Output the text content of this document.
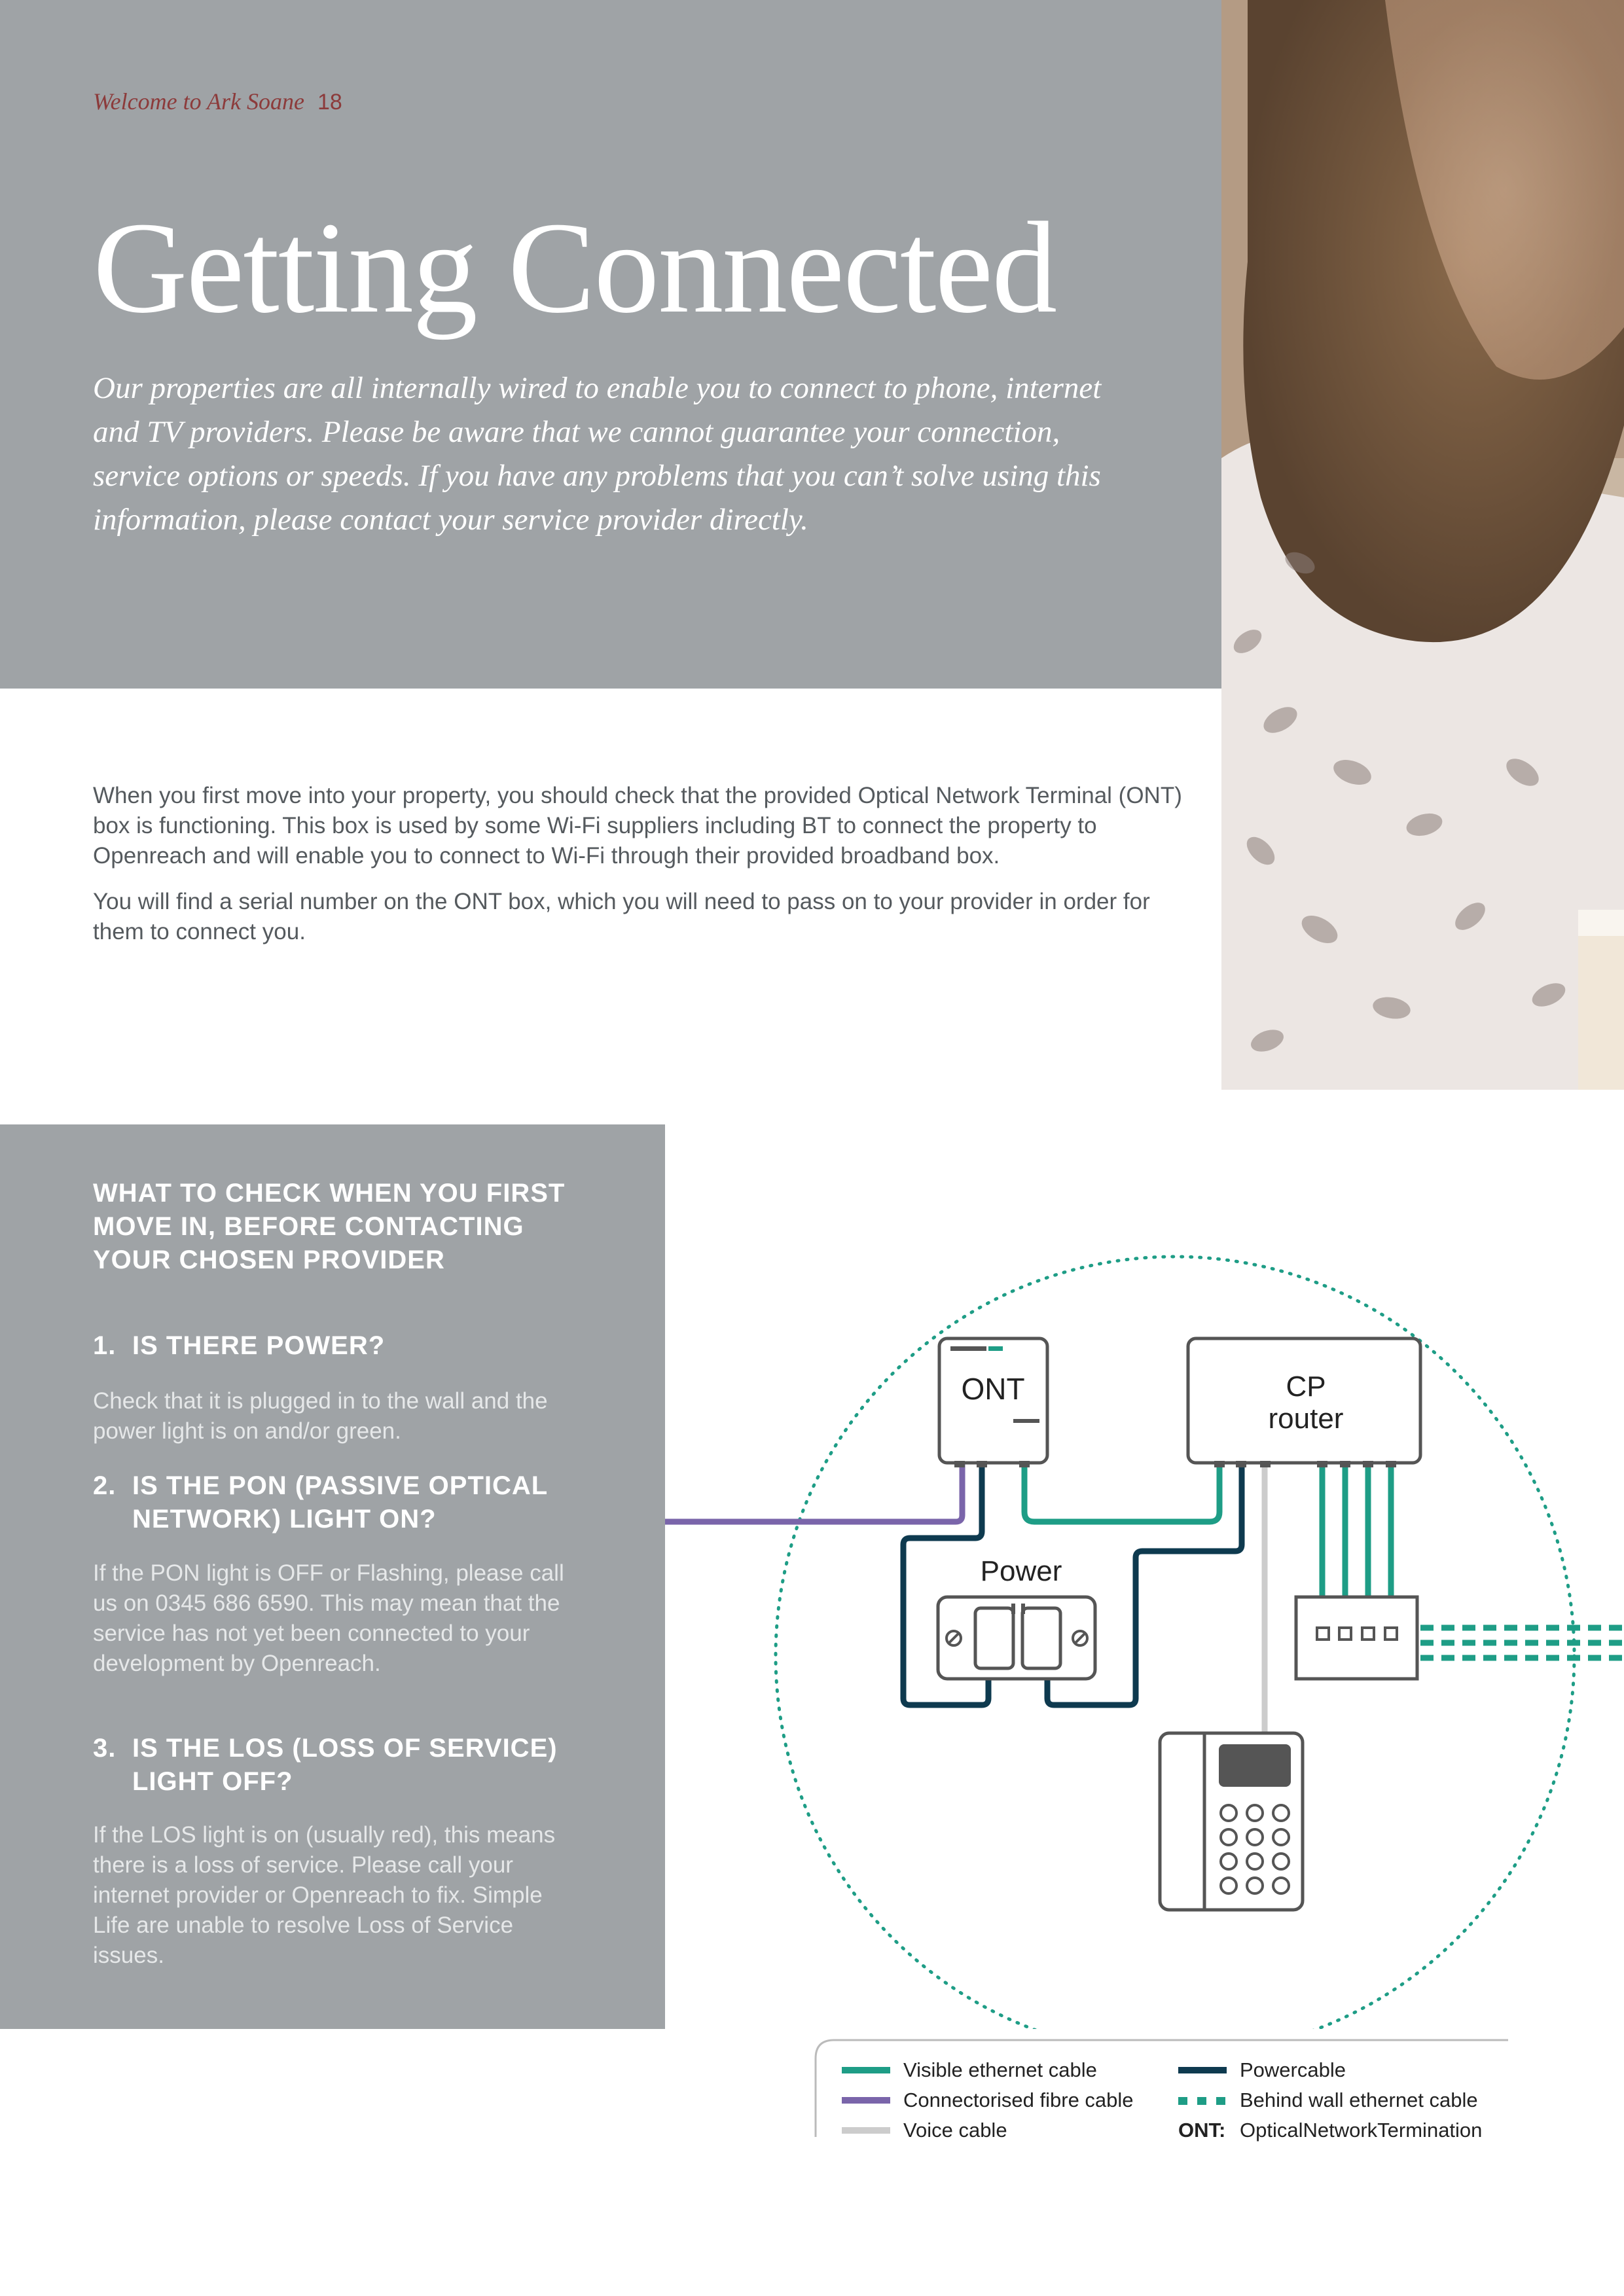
Welcome to Ark Soane 18
Getting Connected
Our properties are all internally wired to enable you to connect to phone, internet and TV providers. Please be aware that we cannot guarantee your connection, service options or speeds. If you have any problems that you can’t solve using this information, please contact your service provider directly.

When you first move into your property, you should check that the provided Optical Network Terminal (ONT) box is functioning. This box is used by some Wi-Fi suppliers including BT to connect the property to Openreach and will enable you to connect to Wi-Fi through their provided broadband box.

You will find a serial number on the ONT box, which you will need to pass on to your provider in order for them to connect you.

WHAT TO CHECK WHEN YOU FIRST MOVE IN, BEFORE CONTACTING YOUR CHOSEN PROVIDER
1. IS THERE POWER?
Check that it is plugged in to the wall and the power light is on and/or green.
2. IS THE PON (PASSIVE OPTICAL
NETWORK) LIGHT ON?
If the PON light is OFF or Flashing, please call us on 0345 686 6590. This may mean that the service has not yet been connected to your development by Openreach.
3. IS THE LOS (LOSS OF SERVICE)
LIGHT OFF?
If the LOS light is on (usually red), this means there is a loss of service. Please call your internet provider or Openreach to fix. Simple Life are unable to resolve Loss of Service issues.
ONT	CP
router
Power
Visible ethernet cable
Connectorised fibre cable
Voice cable
Powercable
Behind wall ethernet cable
ONT: OpticalNetworkTermination
